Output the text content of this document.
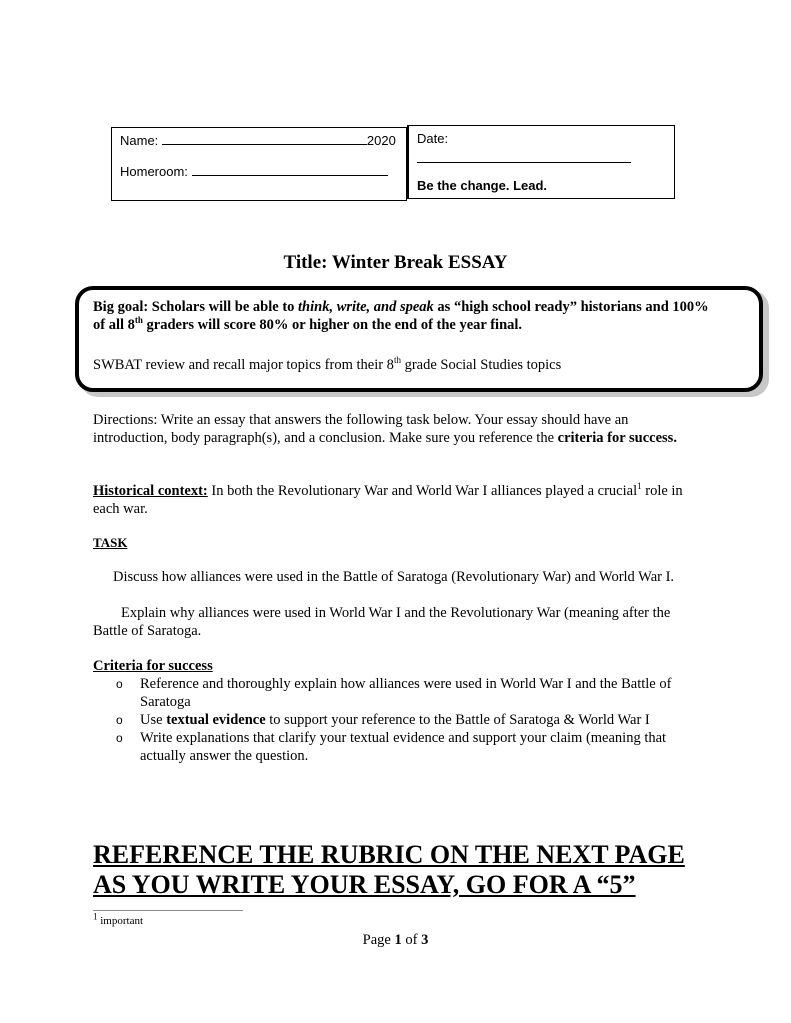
Name:	2020
Homeroom:
Date:
Be the change. Lead.
Title: Winter Break ESSAY
Big goal: Scholars will be able to think, write, and speak as “high school ready” historians and 100% of all 8th graders will score 80% or higher on the end of the year final.
SWBAT review and recall major topics from their 8th grade Social Studies topics
Directions: Write an essay that answers the following task below. Your essay should have an introduction, body paragraph(s), and a conclusion. Make sure you reference the criteria for success.
Historical context: In both the Revolutionary War and World War I alliances played a crucial$^1$ role in each war.
TASK
Discuss how alliances were used in the Battle of Saratoga (Revolutionary War) and World War I.
Explain why alliances were used in World War I and the Revolutionary War (meaning after the Battle of Saratoga.
Criteria for success
o Reference and thoroughly explain how alliances were used in World War I and the Battle of Saratoga
o Use textual evidence to support your reference to the Battle of Saratoga & World War I
o Write explanations that clarify your textual evidence and support your claim (meaning that actually answer the question.
REFERENCE THE RUBRIC ON THE NEXT PAGE
AS YOU WRITE YOUR ESSAY, GO FOR A “5”
$^1$ important
Page 1 of 3
